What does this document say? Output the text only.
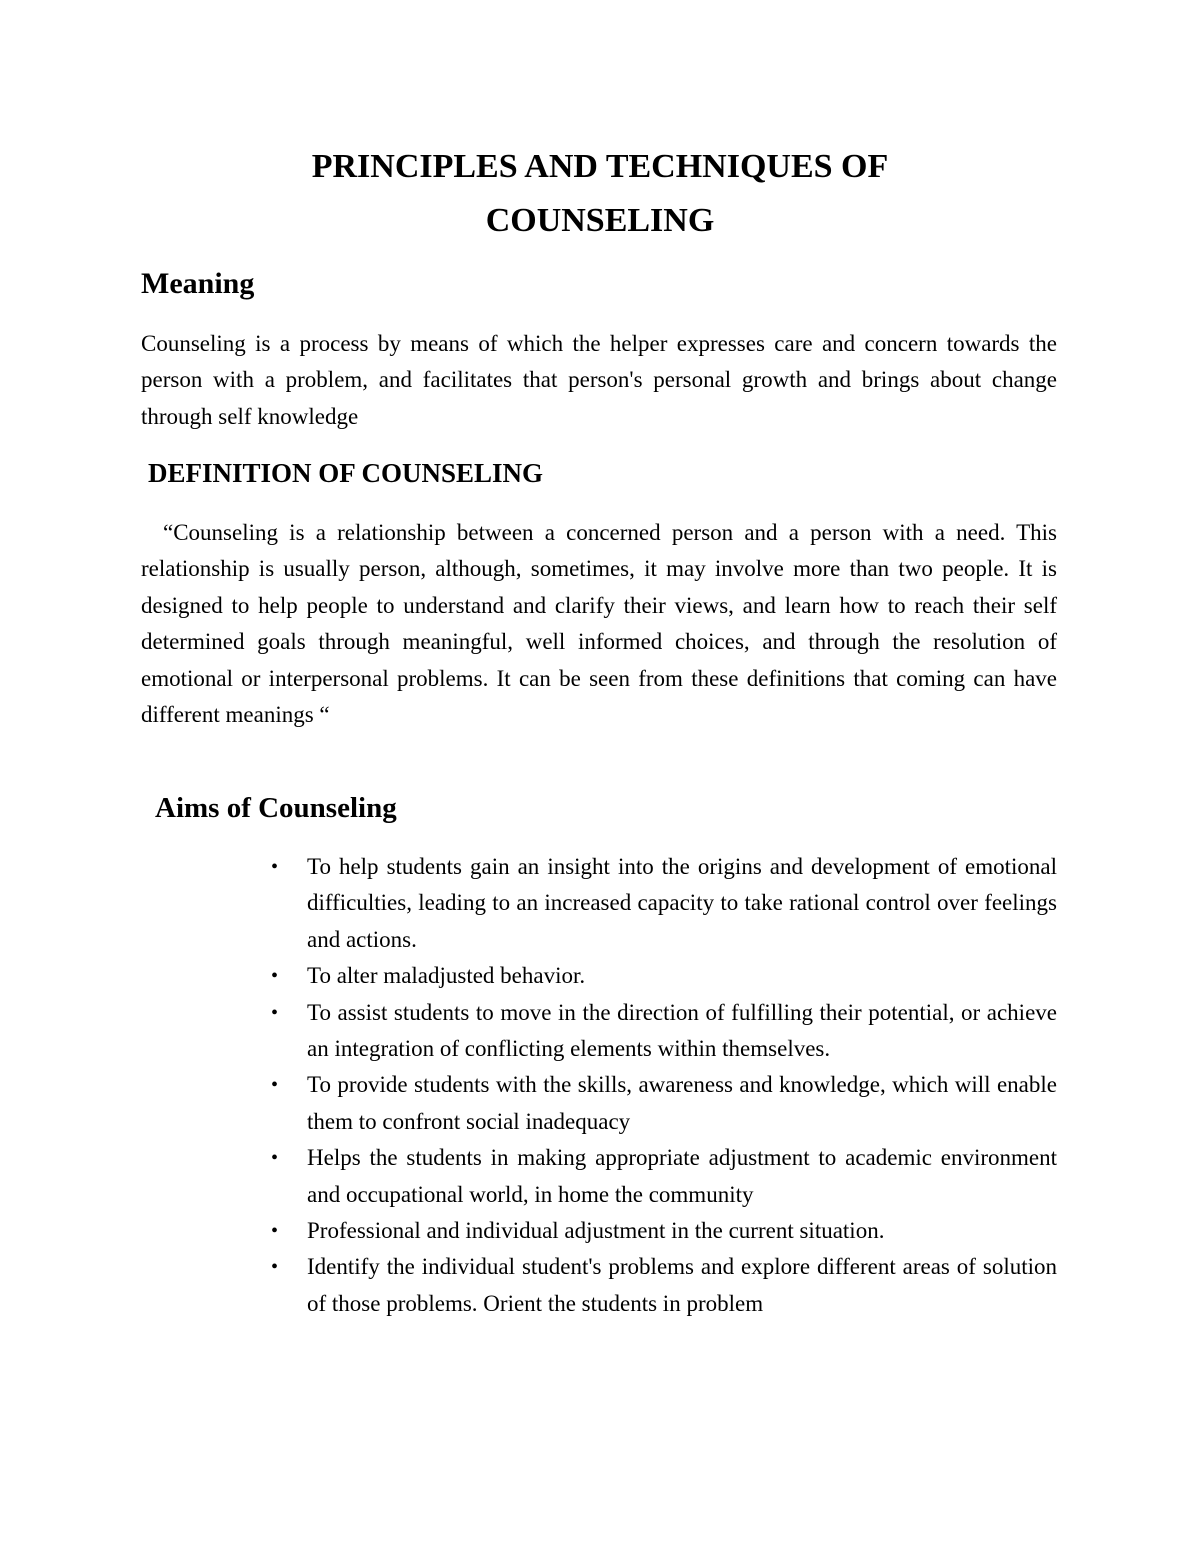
PRINCIPLES AND TECHNIQUES OF
COUNSELING
Meaning

Counseling is a process by means of which the helper expresses care and concern towards the person with a problem, and facilitates that person's personal growth and brings about change through self knowledge

DEFINITION OF COUNSELING

“Counseling is a relationship between a concerned person and a person with a need. This relationship is usually person, although, sometimes, it may involve more than two people. It is designed to help people to understand and clarify their views, and learn how to reach their self determined goals through meaningful, well informed choices, and through the resolution of emotional or interpersonal problems. It can be seen from these definitions that coming can have different meanings “

Aims of Counseling
• To help students gain an insight into the origins and development of emotional difficulties, leading to an increased capacity to take rational control over feelings and actions.
• To alter maladjusted behavior.
• To assist students to move in the direction of fulfilling their potential, or achieve an integration of conflicting elements within themselves.
• To provide students with the skills, awareness and knowledge, which will enable them to confront social inadequacy
• Helps the students in making appropriate adjustment to academic environment and occupational world, in home the community
• Professional and individual adjustment in the current situation.
• Identify the individual student's problems and explore different areas of solution of those problems. Orient the students in problem
